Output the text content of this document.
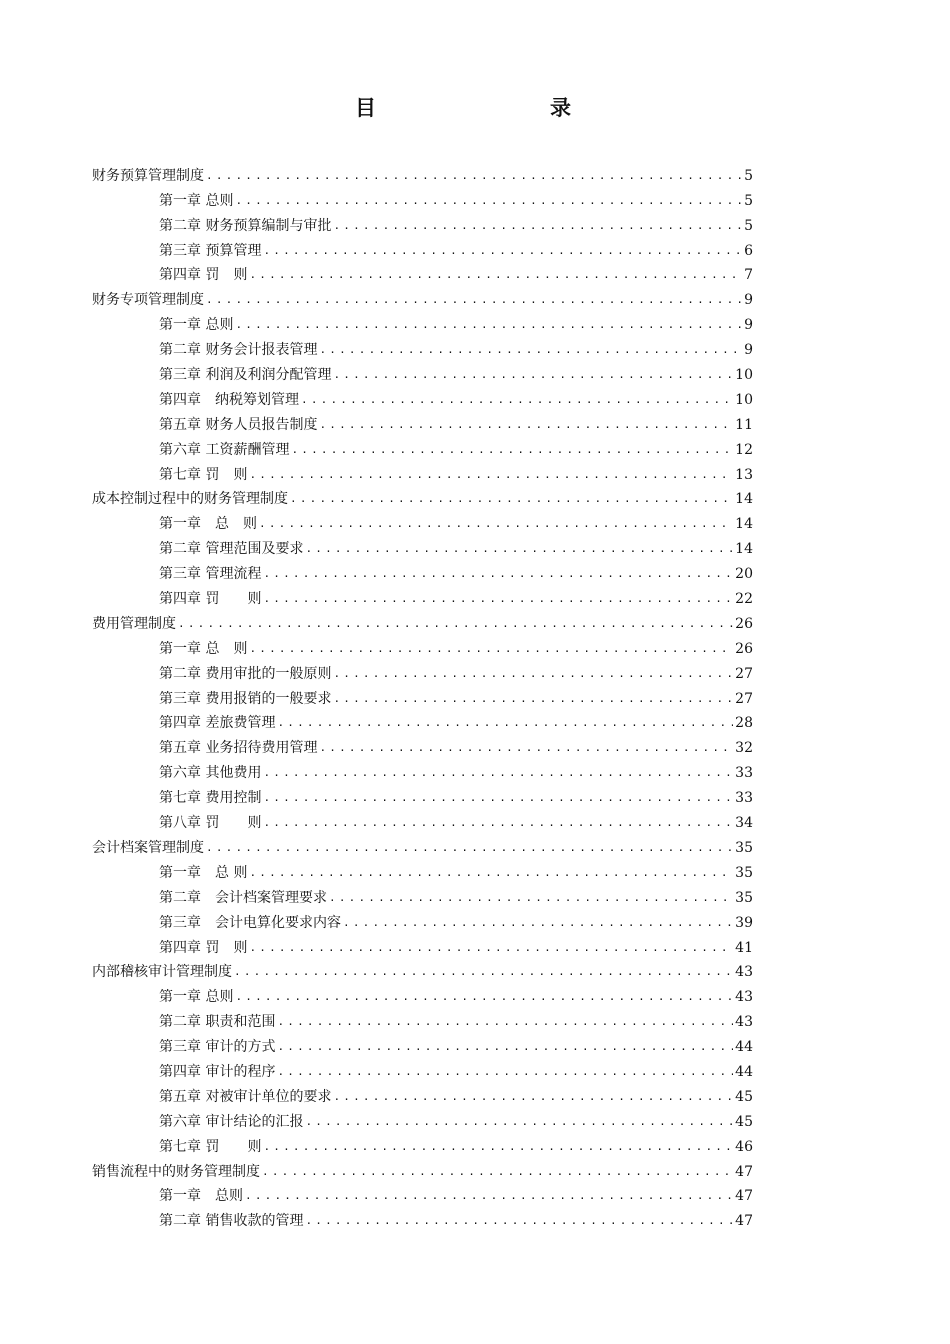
目　　录
财务预算管理制度 .....	5
第一章 总则 .....	5
第二章 财务预算编制与审批 .....	5
第三章 预算管理 .....	6
第四章 罚　则 .....	7
财务专项管理制度 .....	9
第一章 总则 .....	9
第二章 财务会计报表管理 .....	9
第三章 利润及利润分配管理 .....	10
第四章　纳税筹划管理 .....	10
第五章 财务人员报告制度 .....	11
第六章 工资薪酬管理 .....	12
第七章 罚　则 .....	13
成本控制过程中的财务管理制度 .....	14
第一章　总　则 .....	14
第二章 管理范围及要求 .....	14
第三章 管理流程 .....	20
第四章 罚　　则 .....	22
费用管理制度 .....	26
第一章 总　则 .....	26
第二章 费用审批的一般原则 .....	27
第三章 费用报销的一般要求 .....	27
第四章 差旅费管理 .....	28
第五章 业务招待费用管理 .....	32
第六章 其他费用 .....	33
第七章 费用控制 .....	33
第八章 罚　　则 .....	34
会计档案管理制度 .....	35
第一章　总 则 .....	35
第二章　会计档案管理要求 .....	35
第三章　会计电算化要求内容 .....	39
第四章 罚　则 .....	41
内部稽核审计管理制度 .....	43
第一章 总则 .....	43
第二章 职责和范围 .....	43
第三章 审计的方式 .....	44
第四章 审计的程序 .....	44
第五章 对被审计单位的要求 .....	45
第六章 审计结论的汇报 .....	45
第七章 罚　　则 .....	46
销售流程中的财务管理制度 .....	47
第一章　总则 .....	47
第二章 销售收款的管理 .....	47
